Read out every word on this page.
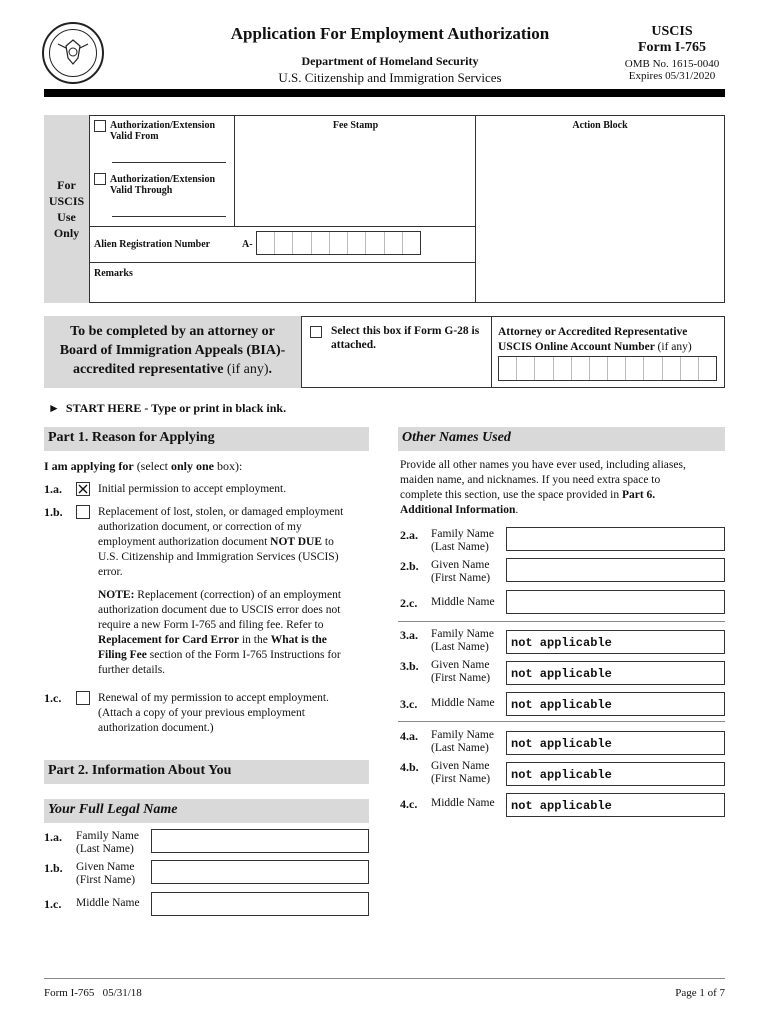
Application For Employment Authorization
Department of Homeland Security
U.S. Citizenship and Immigration Services
USCIS
Form I-765
OMB No. 1615-0040
Expires 05/31/2020
For
USCIS
Use
Only
Authorization/Extension Valid From
Authorization/Extension Valid Through
Fee Stamp	Action Block
Alien Registration Number	A-
Remarks
To be completed by an attorney or
Board of Immigration Appeals (BIA)-
accredited representative (if any).
Select this box if Form G-28 is attached.
Attorney or Accredited Representative
USCIS Online Account Number (if any)
► START HERE - Type or print in black ink.
Part 1. Reason for Applying
I am applying for (select only one box):
1.a.	Initial permission to accept employment.
1.b.	Replacement of lost, stolen, or damaged employment
authorization document, or correction of my
employment authorization document NOT DUE to
U.S. Citizenship and Immigration Services (USCIS)
error.
NOTE: Replacement (correction) of an employment
authorization document due to USCIS error does not
require a new Form I-765 and filing fee. Refer to
Replacement for Card Error in the What is the
Filing Fee section of the Form I-765 Instructions for
further details.
1.c.	Renewal of my permission to accept employment.
(Attach a copy of your previous employment
authorization document.)
Part 2. Information About You
Your Full Legal Name
1.a. Family Name
(Last Name)
1.b. Given Name
(First Name)
1.c. Middle Name
Other Names Used
Provide all other names you have ever used, including aliases,
maiden name, and nicknames. If you need extra space to
complete this section, use the space provided in Part 6.
Additional Information.
2.a. Family Name
(Last Name)
2.b. Given Name
(First Name)
2.c. Middle Name
3.a. Family Name
(Last Name)	not applicable
3.b. Given Name
(First Name)	not applicable
3.c. Middle Name	not applicable
4.a. Family Name
(Last Name)	not applicable
4.b. Given Name
(First Name)	not applicable
4.c. Middle Name	not applicable
Form I-765   05/31/18	Page 1 of 7
